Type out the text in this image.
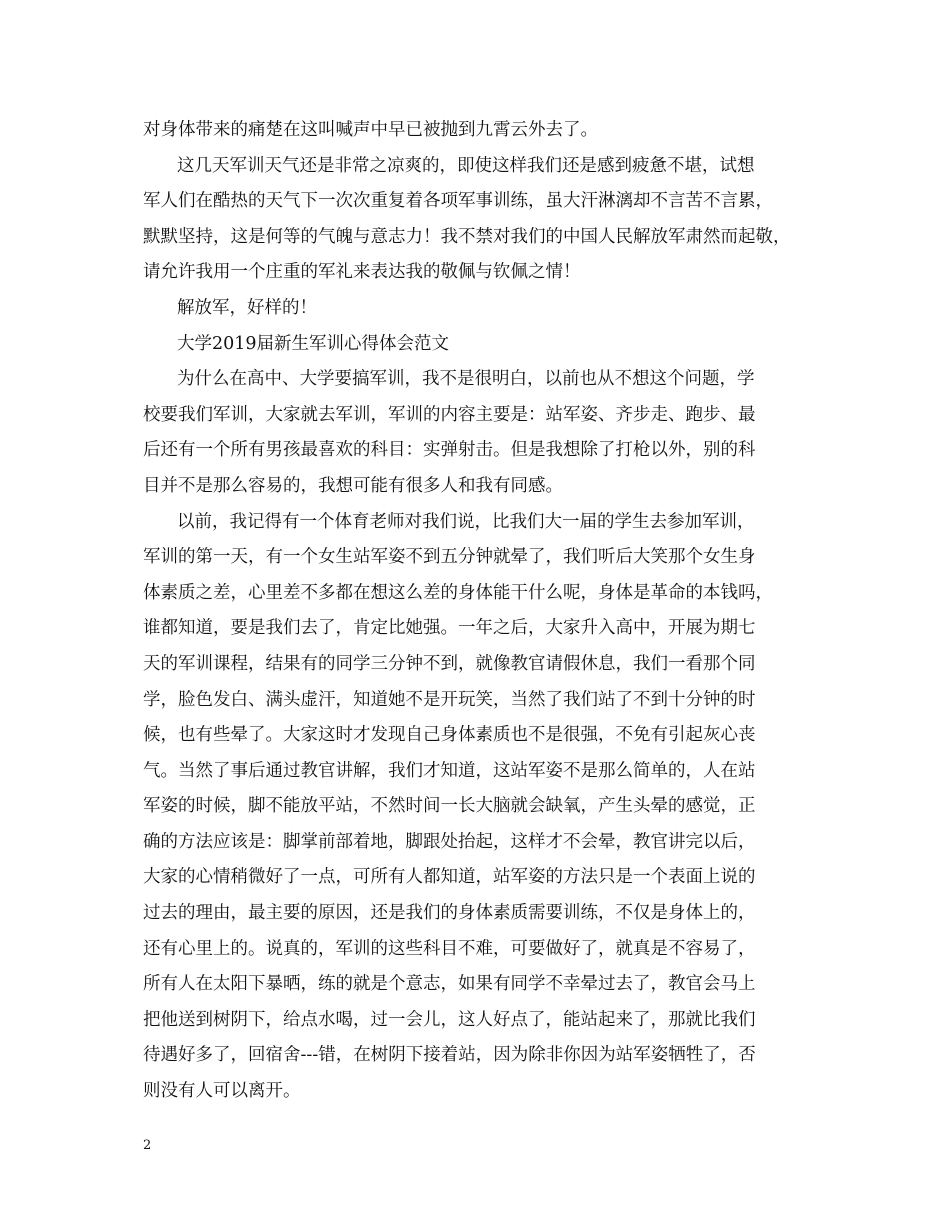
对身体带来的痛楚在这叫喊声中早已被抛到九霄云外去了。
这几天军训天气还是非常之凉爽的，即使这样我们还是感到疲惫不堪，试想
军人们在酷热的天气下一次次重复着各项军事训练，虽大汗淋漓却不言苦不言累，
默默坚持，这是何等的气魄与意志力！我不禁对我们的中国人民解放军肃然而起敬，
请允许我用一个庄重的军礼来表达我的敬佩与钦佩之情！
解放军，好样的！
大学2019届新生军训心得体会范文
为什么在高中、大学要搞军训，我不是很明白，以前也从不想这个问题，学
校要我们军训，大家就去军训，军训的内容主要是：站军姿、齐步走、跑步、最
后还有一个所有男孩最喜欢的科目：实弹射击。但是我想除了打枪以外，别的科
目并不是那么容易的，我想可能有很多人和我有同感。
以前，我记得有一个体育老师对我们说，比我们大一届的学生去参加军训，
军训的第一天，有一个女生站军姿不到五分钟就晕了，我们听后大笑那个女生身
体素质之差，心里差不多都在想这么差的身体能干什么呢，身体是革命的本钱吗，
谁都知道，要是我们去了，肯定比她强。一年之后，大家升入高中，开展为期七
天的军训课程，结果有的同学三分钟不到，就像教官请假休息，我们一看那个同
学，脸色发白、满头虚汗，知道她不是开玩笑，当然了我们站了不到十分钟的时
候，也有些晕了。大家这时才发现自己身体素质也不是很强，不免有引起灰心丧
气。当然了事后通过教官讲解，我们才知道，这站军姿不是那么简单的，人在站
军姿的时候，脚不能放平站，不然时间一长大脑就会缺氧，产生头晕的感觉，正
确的方法应该是：脚掌前部着地，脚跟处抬起，这样才不会晕，教官讲完以后，
大家的心情稍微好了一点，可所有人都知道，站军姿的方法只是一个表面上说的
过去的理由，最主要的原因，还是我们的身体素质需要训练，不仅是身体上的，
还有心里上的。说真的，军训的这些科目不难，可要做好了，就真是不容易了，
所有人在太阳下暴晒，练的就是个意志，如果有同学不幸晕过去了，教官会马上
把他送到树阴下，给点水喝，过一会儿，这人好点了，能站起来了，那就比我们
待遇好多了，回宿舍---错，在树阴下接着站，因为除非你因为站军姿牺牲了，否
则没有人可以离开。
2
